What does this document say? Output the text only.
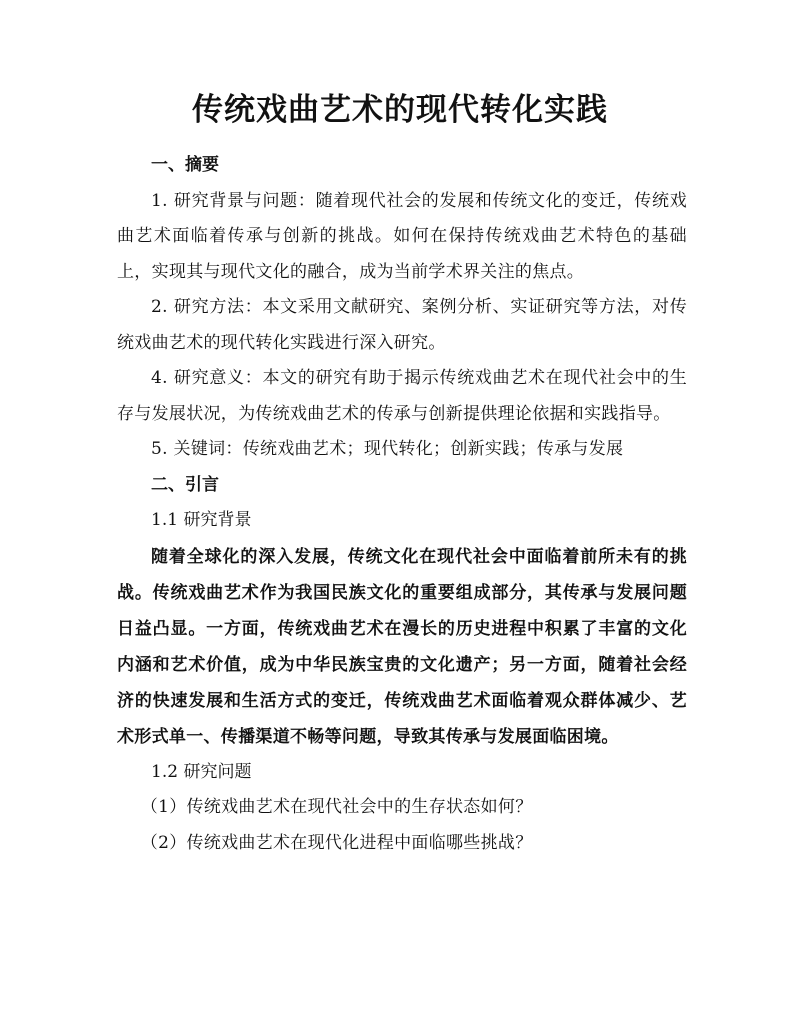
传统戏曲艺术的现代转化实践
一、摘要

1. 研究背景与问题：随着现代社会的发展和传统文化的变迁，传统戏曲艺术面临着传承与创新的挑战。如何在保持传统戏曲艺术特色的基础上，实现其与现代文化的融合，成为当前学术界关注的焦点。

2. 研究方法：本文采用文献研究、案例分析、实证研究等方法，对传统戏曲艺术的现代转化实践进行深入研究。

4. 研究意义：本文的研究有助于揭示传统戏曲艺术在现代社会中的生存与发展状况，为传统戏曲艺术的传承与创新提供理论依据和实践指导。

5. 关键词：传统戏曲艺术；现代转化；创新实践；传承与发展

二、引言
1.1 研究背景

随着全球化的深入发展，传统文化在现代社会中面临着前所未有的挑战。传统戏曲艺术作为我国民族文化的重要组成部分，其传承与发展问题日益凸显。一方面，传统戏曲艺术在漫长的历史进程中积累了丰富的文化内涵和艺术价值，成为中华民族宝贵的文化遗产；另一方面，随着社会经济的快速发展和生活方式的变迁，传统戏曲艺术面临着观众群体减少、艺术形式单一、传播渠道不畅等问题，导致其传承与发展面临困境。

1.2 研究问题

（1）传统戏曲艺术在现代社会中的生存状态如何？

（2）传统戏曲艺术在现代化进程中面临哪些挑战？
